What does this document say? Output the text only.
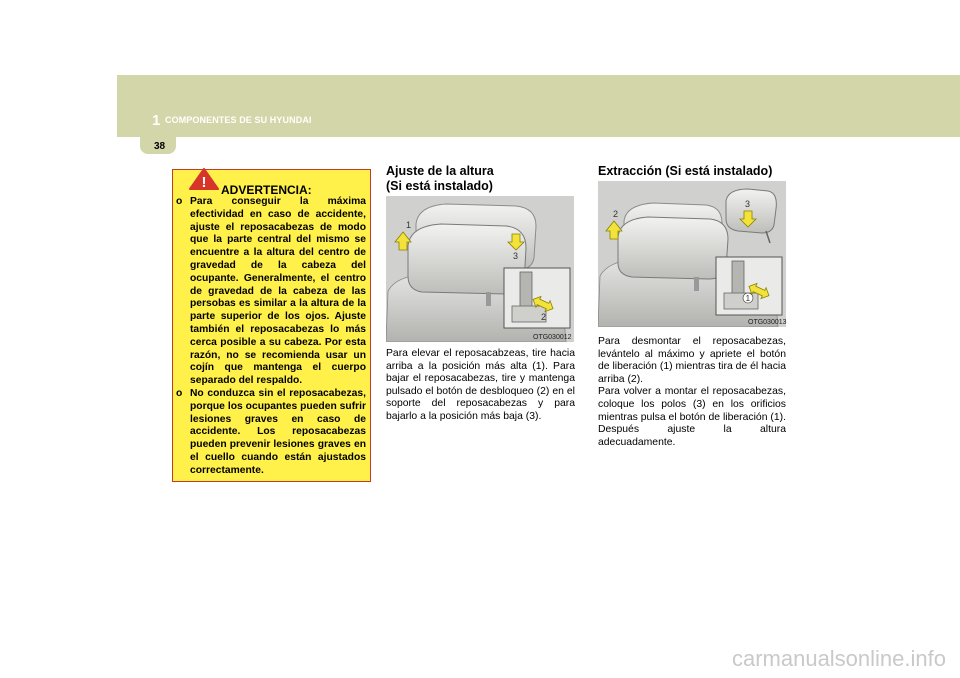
1 COMPONENTES DE SU HYUNDAI
38
! ADVERTENCIA:
o Para conseguir la máxima efectividad en caso de accidente, ajuste el reposacabezas de modo que la parte central del mismo se encuentre a la altura del centro de gravedad de la cabeza del ocupante. Generalmente, el centro de gravedad de la cabeza de las persobas es similar a la altura de la parte superior de los ojos. Ajuste también el reposacabezas lo más cerca posible a su cabeza. Por esta razón, no se recomienda usar un cojín que mantenga el cuerpo separado del respaldo.
o No conduzca sin el reposacabezas, porque los ocupantes pueden sufrir lesiones graves en caso de accidente. Los reposacabezas pueden prevenir lesiones graves en el cuello cuando están ajustados correctamente.
Ajuste de la altura
(Si está instalado)
1
3
2
OTG030012
Para elevar el reposacabzeas, tire hacia arriba a la posición más alta (1). Para bajar el reposacabezas, tire y mantenga pulsado el botón de desbloqueo (2) en el soporte del reposacabezas y para bajarlo a la posición más baja (3).
Extracción (Si está instalado)
2
3
1
OTG030013

Para desmontar el reposacabezas, levántelo al máximo y apriete el botón de liberación (1) mientras tira de él hacia arriba (2).

Para volver a montar el reposacabezas, coloque los polos (3) en los orificios mientras pulsa el botón de liberación (1). Después ajuste la altura adecuadamente.

carmanualsonline.info
